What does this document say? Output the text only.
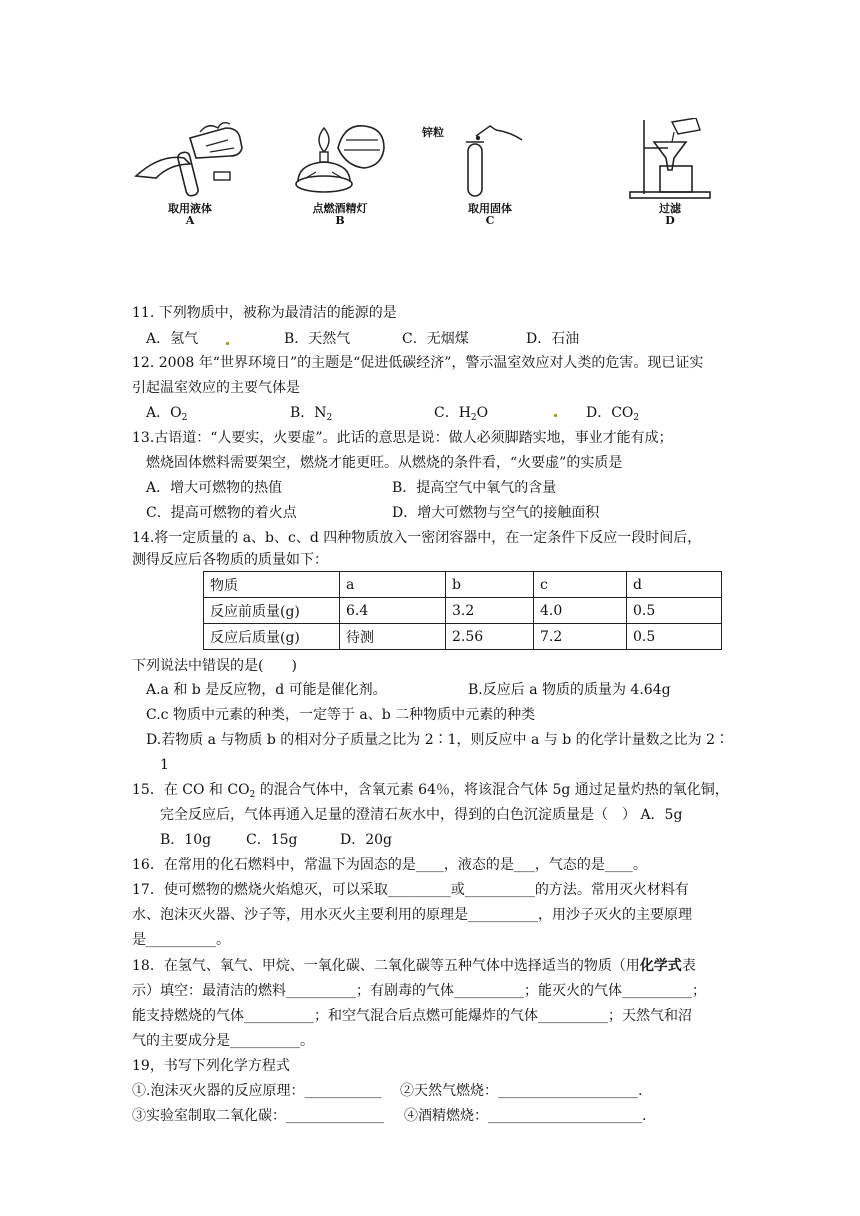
取用液体
A
点燃酒精灯
B
锌粒
取用固体
C
过滤
D
11. 下列物质中，被称为最清洁的能源的是
A．氢气	B．天然气	C．无烟煤	D．石油
12. 2008 年“世界环境日”的主题是“促进低碳经济”，警示温室效应对人类的危害。现已证实
引起温室效应的主要气体是
A．$O_2$	B．$N_2$	C．$H_2O$	D．$CO_2$
13.古语道：“人要实，火要虚”。此话的意思是说：做人必须脚踏实地，事业才能有成；
燃烧固体燃料需要架空，燃烧才能更旺。从燃烧的条件看，“火要虚”的实质是
A．增大可燃物的热值	B．提高空气中氧气的含量
C．提高可燃物的着火点	D．增大可燃物与空气的接触面积
14.将一定质量的 a、b、c、d 四种物质放入一密闭容器中，在一定条件下反应一段时间后，
测得反应后各物质的质量如下：
物质	a	b	c	d
反应前质量(g)	6.4	3.2	4.0	0.5
反应后质量(g)	待测	2.56	7.2	0.5
下列说法中错误的是(　　)
A.a 和 b 是反应物，d 可能是催化剂。	B.反应后 a 物质的质量为 4.64g
C.c 物质中元素的种类，一定等于 a、b 二种物质中元素的种类
D.若物质 a 与物质 b 的相对分子质量之比为 2∶1，则反应中 a 与 b 的化学计量数之比为 2∶
1
15．在 CO 和 $CO_2$ 的混合气体中，含氧元素 64％，将该混合气体 5g 通过足量灼热的氧化铜，
完全反应后，气体再通入足量的澄清石灰水中，得到的白色沉淀质量是（　） A．5g
B．10g C．15g	D．20g
16．在常用的化石燃料中，常温下为固态的是____，液态的是___，气态的是____。
17．使可燃物的燃烧火焰熄灭，可以采取_________或__________的方法。常用灭火材料有
水、泡沫灭火器、沙子等，用水灭火主要利用的原理是__________，用沙子灭火的主要原理
是__________。
18．在氢气、氧气、甲烷、一氧化碳、二氧化碳等五种气体中选择适当的物质（用化学式表
示）填空：最清洁的燃料__________；有剧毒的气体__________；能灭火的气体__________；
能支持燃烧的气体__________；和空气混合后点燃可能爆炸的气体__________；天然气和沼
气的主要成分是__________。
19，书写下列化学方程式
①.泡沫灭火器的反应原理：___________ ②天然气燃烧：____________________.
③实验室制取二氧化碳：______________ ④酒精燃烧：______________________.
